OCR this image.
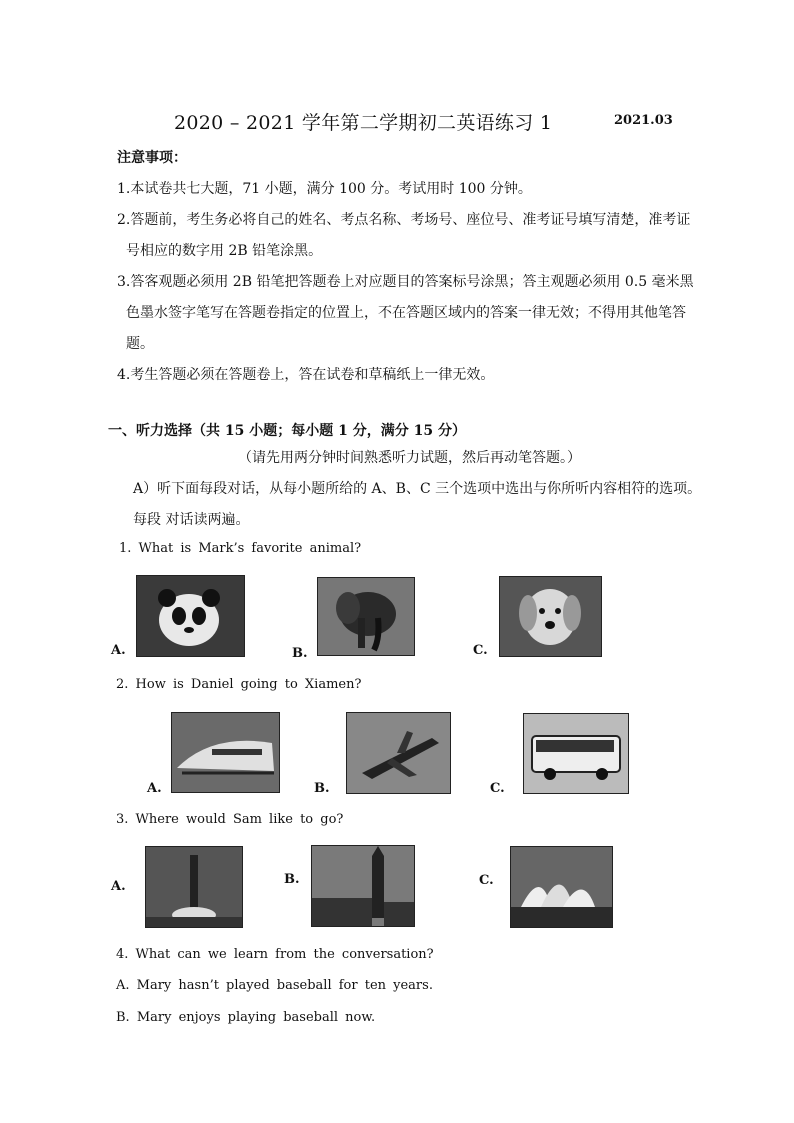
2020 – 2021 学年第二学期初二英语练习 1	2021.03
注意事项：
1.本试卷共七大题，71 小题，满分 100 分。考试用时 100 分钟。
2.答题前，考生务必将自己的姓名、考点名称、考场号、座位号、准考证号填写清楚，准考证
号相应的数字用 2B 铅笔涂黑。
3.答客观题必须用 2B 铅笔把答题卷上对应题目的答案标号涂黑；答主观题必须用 0.5 毫米黑
色墨水签字笔写在答题卷指定的位置上，不在答题区域内的答案一律无效；不得用其他笔答
题。
4.考生答题必须在答题卷上，答在试卷和草稿纸上一律无效。
一、听力选择（共 15 小题；每小题 1 分，满分 15 分）
（请先用两分钟时间熟悉听力试题，然后再动笔答题。）
A）听下面每段对话，从每小题所给的 A、B、C 三个选项中选出与你所听内容相符的选项。
每段 对话读两遍。
1. What is Mark’s favorite animal?
A.	B.	C.
2. How is Daniel going to Xiamen?
A.	B.	C.
3. Where would Sam like to go?
A.	B.	C.
4. What can we learn from the conversation?
A. Mary hasn’t played baseball for ten years.
B. Mary enjoys playing baseball now.
